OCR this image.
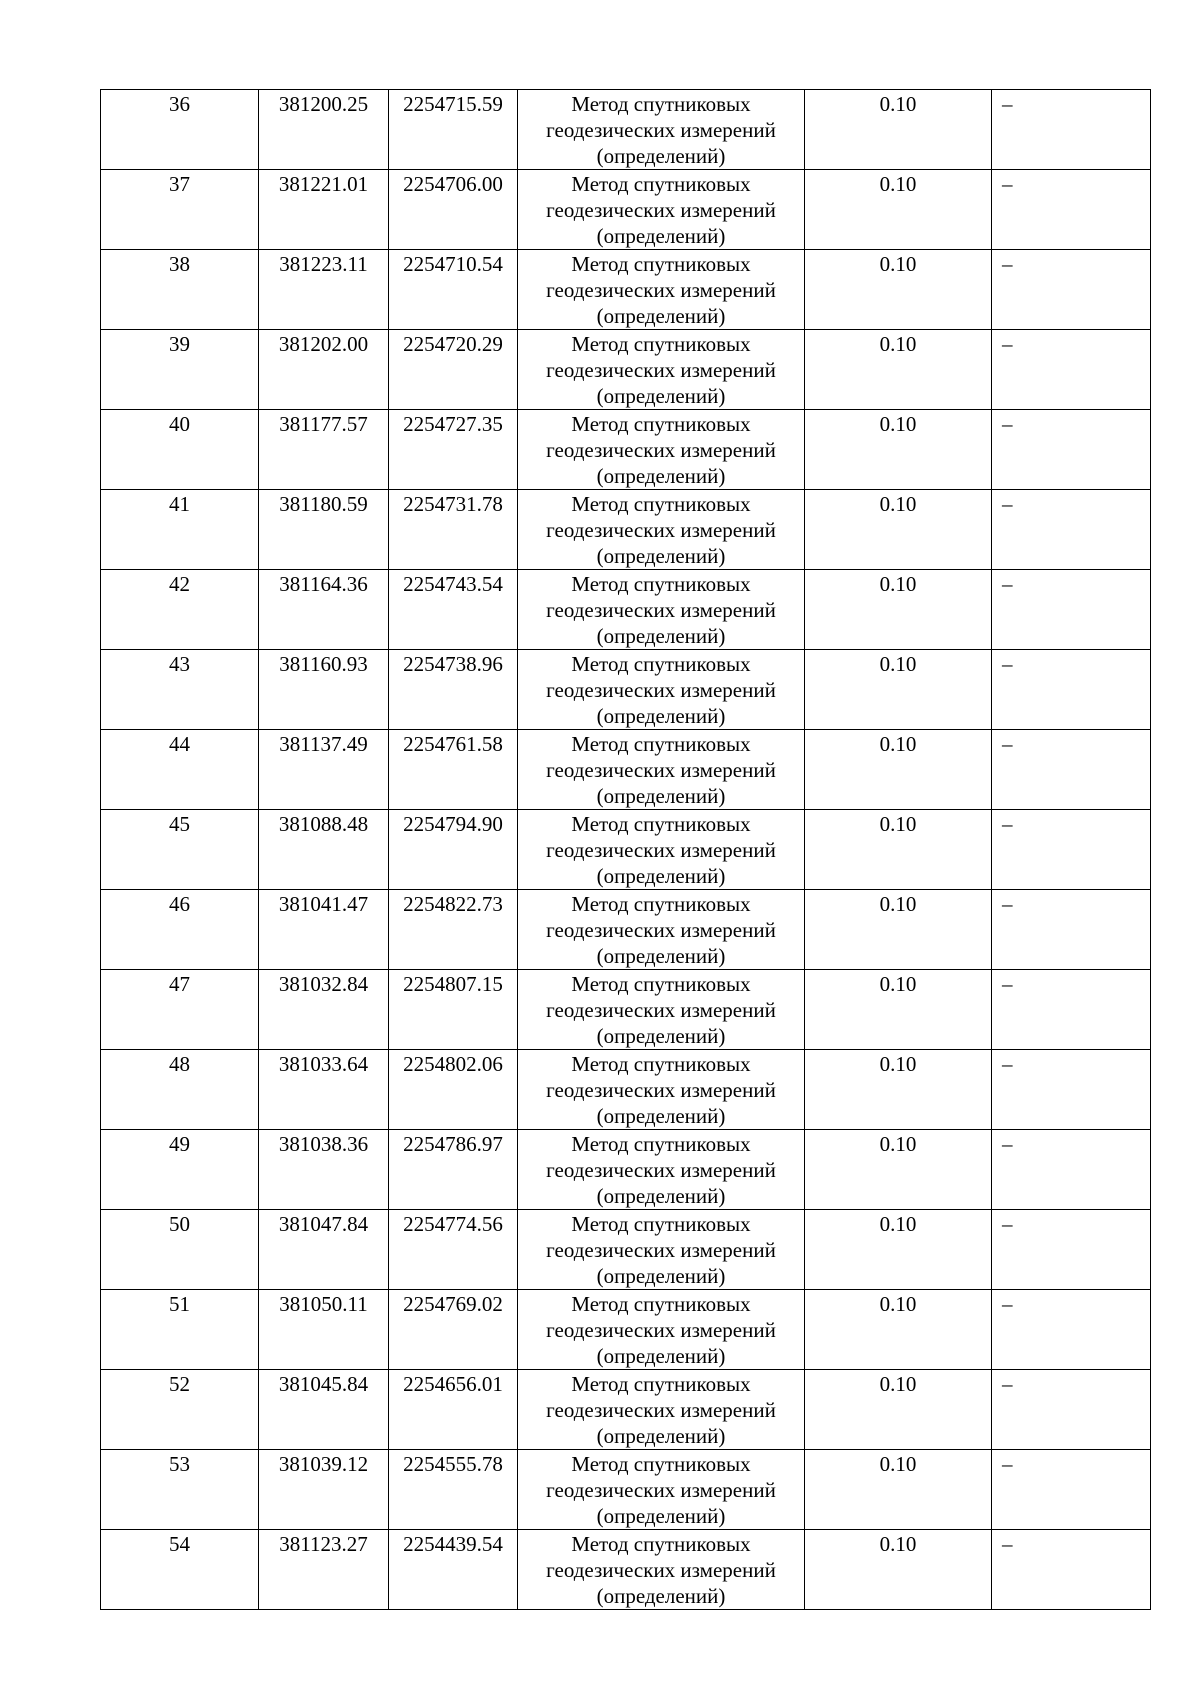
36	381200.25	2254715.59	Метод спутниковых геодезических измерений (определений)	0.10	–
37	381221.01	2254706.00	Метод спутниковых геодезических измерений (определений)	0.10	–
38	381223.11	2254710.54	Метод спутниковых геодезических измерений (определений)	0.10	–
39	381202.00	2254720.29	Метод спутниковых геодезических измерений (определений)	0.10	–
40	381177.57	2254727.35	Метод спутниковых геодезических измерений (определений)	0.10	–
41	381180.59	2254731.78	Метод спутниковых геодезических измерений (определений)	0.10	–
42	381164.36	2254743.54	Метод спутниковых геодезических измерений (определений)	0.10	–
43	381160.93	2254738.96	Метод спутниковых геодезических измерений (определений)	0.10	–
44	381137.49	2254761.58	Метод спутниковых геодезических измерений (определений)	0.10	–
45	381088.48	2254794.90	Метод спутниковых геодезических измерений (определений)	0.10	–
46	381041.47	2254822.73	Метод спутниковых геодезических измерений (определений)	0.10	–
47	381032.84	2254807.15	Метод спутниковых геодезических измерений (определений)	0.10	–
48	381033.64	2254802.06	Метод спутниковых геодезических измерений (определений)	0.10	–
49	381038.36	2254786.97	Метод спутниковых геодезических измерений (определений)	0.10	–
50	381047.84	2254774.56	Метод спутниковых геодезических измерений (определений)	0.10	–
51	381050.11	2254769.02	Метод спутниковых геодезических измерений (определений)	0.10	–
52	381045.84	2254656.01	Метод спутниковых геодезических измерений (определений)	0.10	–
53	381039.12	2254555.78	Метод спутниковых геодезических измерений (определений)	0.10	–
54	381123.27	2254439.54	Метод спутниковых геодезических измерений (определений)	0.10	–
